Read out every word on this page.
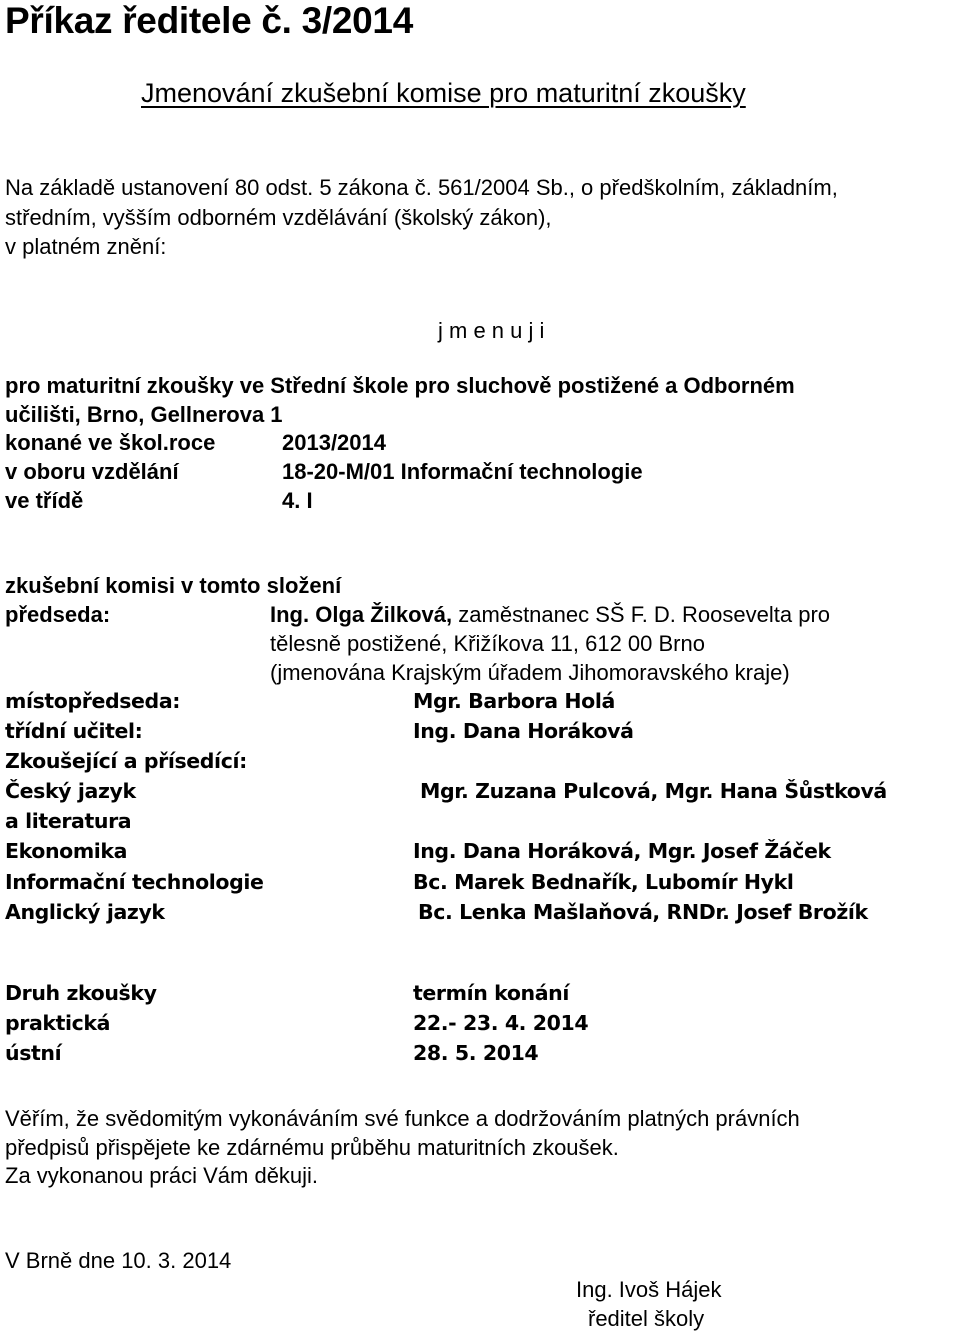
Příkaz ředitele č. 3/2014
Jmenování zkušební komise pro maturitní zkoušky
Na základě ustanovení 80 odst. 5 zákona č. 561/2004 Sb., o předškolním, základním,
středním, vyšším odborném vzdělávání (školský zákon),
v platném znění:
j m e n u j i
pro maturitní zkoušky ve Střední škole pro sluchově postižené a Odborném
učilišti, Brno, Gellnerova 1
konané ve škol.roce	2013/2014
v oboru vzdělání	18-20-M/01 Informační technologie
ve třídě	4. I
zkušební komisi v tomto složení
předseda:	Ing. Olga Žilková, zaměstnanec SŠ F. D. Roosevelta pro
tělesně postižené, Křižíkova 11, 612 00 Brno
(jmenována Krajským úřadem Jihomoravského kraje)
místopředseda:	Mgr. Barbora Holá
třídní učitel:	Ing. Dana Horáková
Zkoušející a přísedící:
Český jazyk	Mgr. Zuzana Pulcová, Mgr. Hana Šůstková
a literatura
Ekonomika	Ing. Dana Horáková, Mgr. Josef Žáček
Informační technologie	Bc. Marek Bednařík, Lubomír Hykl
Anglický jazyk	Bc. Lenka Mašlaňová, RNDr. Josef Brožík
Druh zkoušky	termín konání
praktická	22.- 23. 4. 2014
ústní	28. 5. 2014
Věřím, že svědomitým vykonáváním své funkce a dodržováním platných právních
předpisů přispějete ke zdárnému průběhu maturitních zkoušek.
Za vykonanou práci Vám děkuji.
V Brně dne 10. 3. 2014
Ing. Ivoš Hájek
ředitel školy
